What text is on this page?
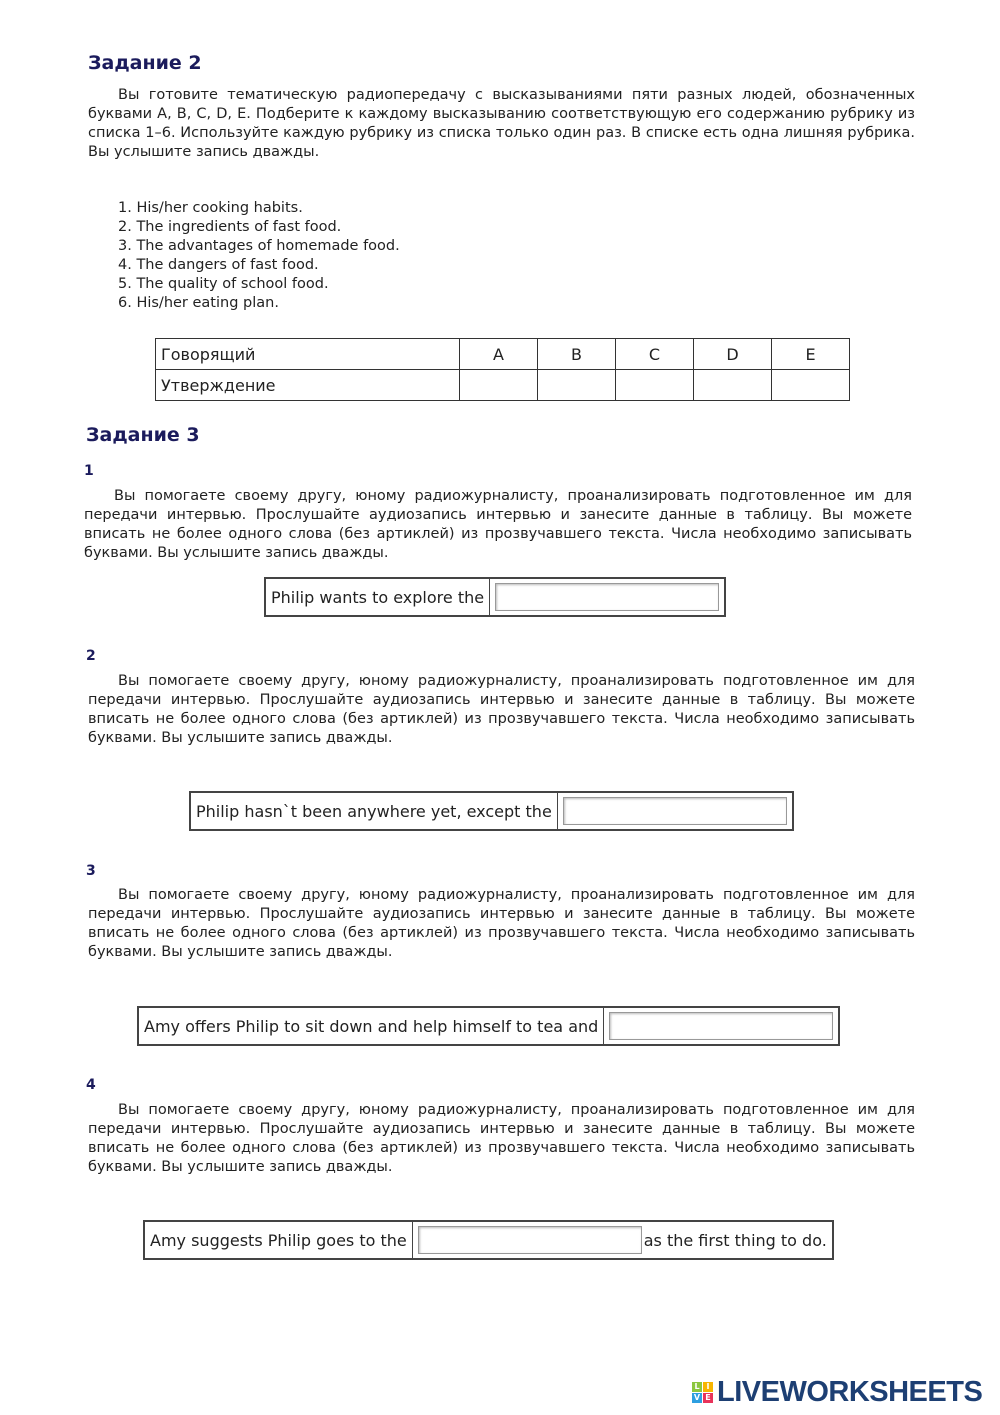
Задание 2
Вы готовите тематическую радиопередачу с высказываниями пяти разных людей, обозначенных буквами A, B, C, D, E. Подберите к каждому высказыванию соответствующую его содержанию рубрику из списка 1–6. Используйте каждую рубрику из списка только один раз. В списке есть одна лишняя рубрика. Вы услышите запись дважды.
1. His/her cooking habits.
2. The ingredients of fast food.
3. The advantages of homemade food.
4. The dangers of fast food.
5. The quality of school food.
6. His/her eating plan.
Говорящий	A	B	C	D	E
Утверждение					
Задание 3
1
Вы помогаете своему другу, юному радиожурналисту, проанализировать подготовленное им для передачи интервью. Прослушайте аудиозапись интервью и занесите данные в таблицу. Вы можете вписать не более одного слова (без артиклей) из прозвучавшего текста. Числа необходимо записывать буквами. Вы услышите запись дважды.
Philip wants to explore the
2
Вы помогаете своему другу, юному радиожурналисту, проанализировать подготовленное им для передачи интервью. Прослушайте аудиозапись интервью и занесите данные в таблицу. Вы можете вписать не более одного слова (без артиклей) из прозвучавшего текста. Числа необходимо записывать буквами. Вы услышите запись дважды.
Philip hasn`t been anywhere yet, except the
3
Вы помогаете своему другу, юному радиожурналисту, проанализировать подготовленное им для передачи интервью. Прослушайте аудиозапись интервью и занесите данные в таблицу. Вы можете вписать не более одного слова (без артиклей) из прозвучавшего текста. Числа необходимо записывать буквами. Вы услышите запись дважды.
Amy offers Philip to sit down and help himself to tea and
4
Вы помогаете своему другу, юному радиожурналисту, проанализировать подготовленное им для передачи интервью. Прослушайте аудиозапись интервью и занесите данные в таблицу. Вы можете вписать не более одного слова (без артиклей) из прозвучавшего текста. Числа необходимо записывать буквами. Вы услышите запись дважды.
Amy suggests Philip goes to the	as the first thing to do.
L I
V E LIVEWORKSHEETS
